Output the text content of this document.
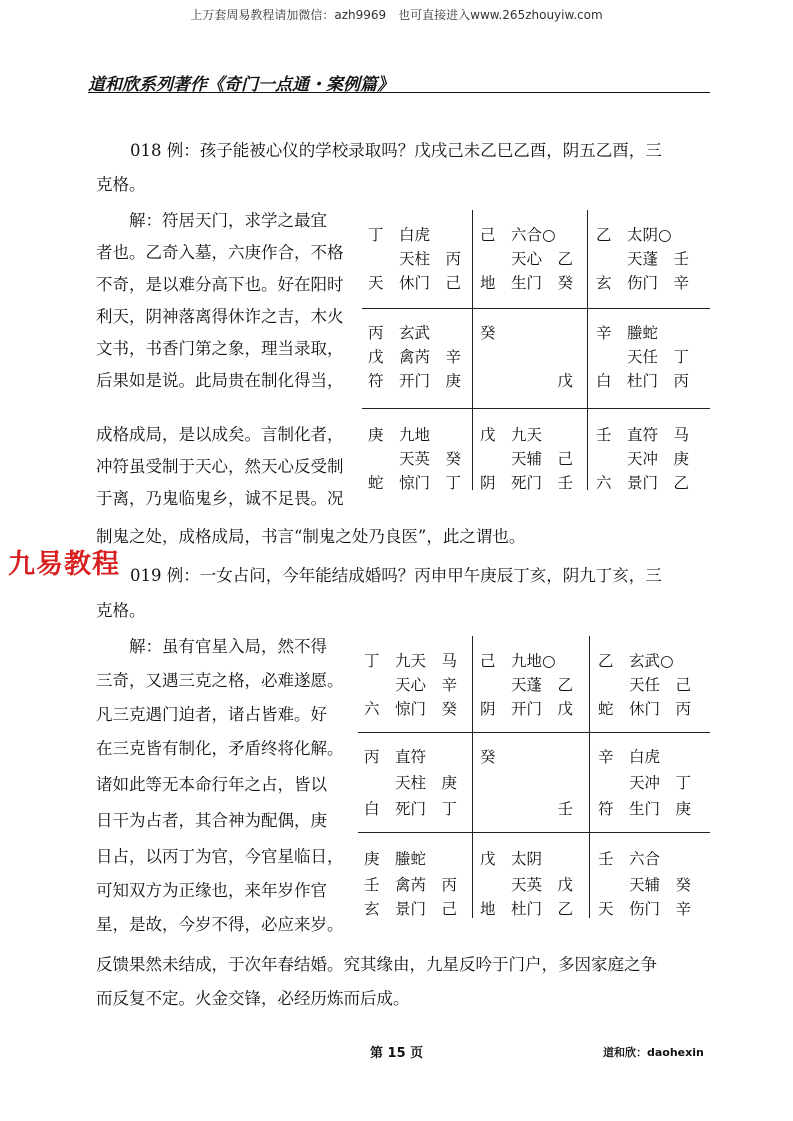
上万套周易教程请加微信：azh9969　也可直接进入www.265zhouyiw.com
道和欣系列著作《奇门一点通・案例篇》
018 例：孩子能被心仪的学校录取吗？戊戌己未乙巳乙酉，阴五乙酉，三
克格。
　　解：符居天门，求学之最宜
者也。乙奇入墓，六庚作合，不格
不奇，是以难分高下也。好在阳时
利天，阴神落离得休诈之吉，木火
文书，书香门第之象，理当录取，
后果如是说。此局贵在制化得当，
成格成局，是以成矣。言制化者，
冲符虽受制于天心，然天心反受制
于离，乃鬼临鬼乡，诚不足畏。况
制鬼之处，成格成局，书言“制鬼之处乃良医”，此之谓也。
丁　白虎
　　天柱　丙
天　休门　己
己　六合○
　　天心　乙
地　生门　癸
乙　太阴○
　　天蓬　壬
玄　伤门　辛
丙　玄武
戊　禽芮　辛
符　开门　庚
癸
　　　　　戊
辛　螣蛇
　　天任　丁
白　杜门　丙
庚　九地
　　天英　癸
蛇　惊门　丁
戊　九天
　　天辅　己
阴　死门　壬
壬　直符　马
　　天冲　庚
六　景门　乙
九易教程 019 例：一女占问，今年能结成婚吗？丙申甲午庚辰丁亥，阴九丁亥，三
克格。
　　解：虽有官星入局，然不得
三奇，又遇三克之格，必难遂愿。
凡三克遇门迫者，诸占皆难。好
在三克皆有制化，矛盾终将化解。
诸如此等无本命行年之占，皆以
日干为占者，其合神为配偶，庚
日占，以丙丁为官，今官星临日，
可知双方为正缘也，来年岁作官
星，是故，今岁不得，必应来岁。
丁　九天　马
　　天心　辛
六　惊门　癸
己　九地○
　　天蓬　乙
阴　开门　戊
乙　玄武○
　　天任　己
蛇　休门　丙
丙　直符
　　天柱　庚
白　死门　丁
癸
　　　　　壬
辛　白虎
　　天冲　丁
符　生门　庚
庚　螣蛇
壬　禽芮　丙
玄　景门　己
戊　太阴
　　天英　戊
地　杜门　乙
壬　六合
　　天辅　癸
天　伤门　辛
反馈果然未结成，于次年春结婚。究其缘由，九星反吟于门户，多因家庭之争
而反复不定。火金交锋，必经历炼而后成。
第 15 页	道和欣：daohexin
